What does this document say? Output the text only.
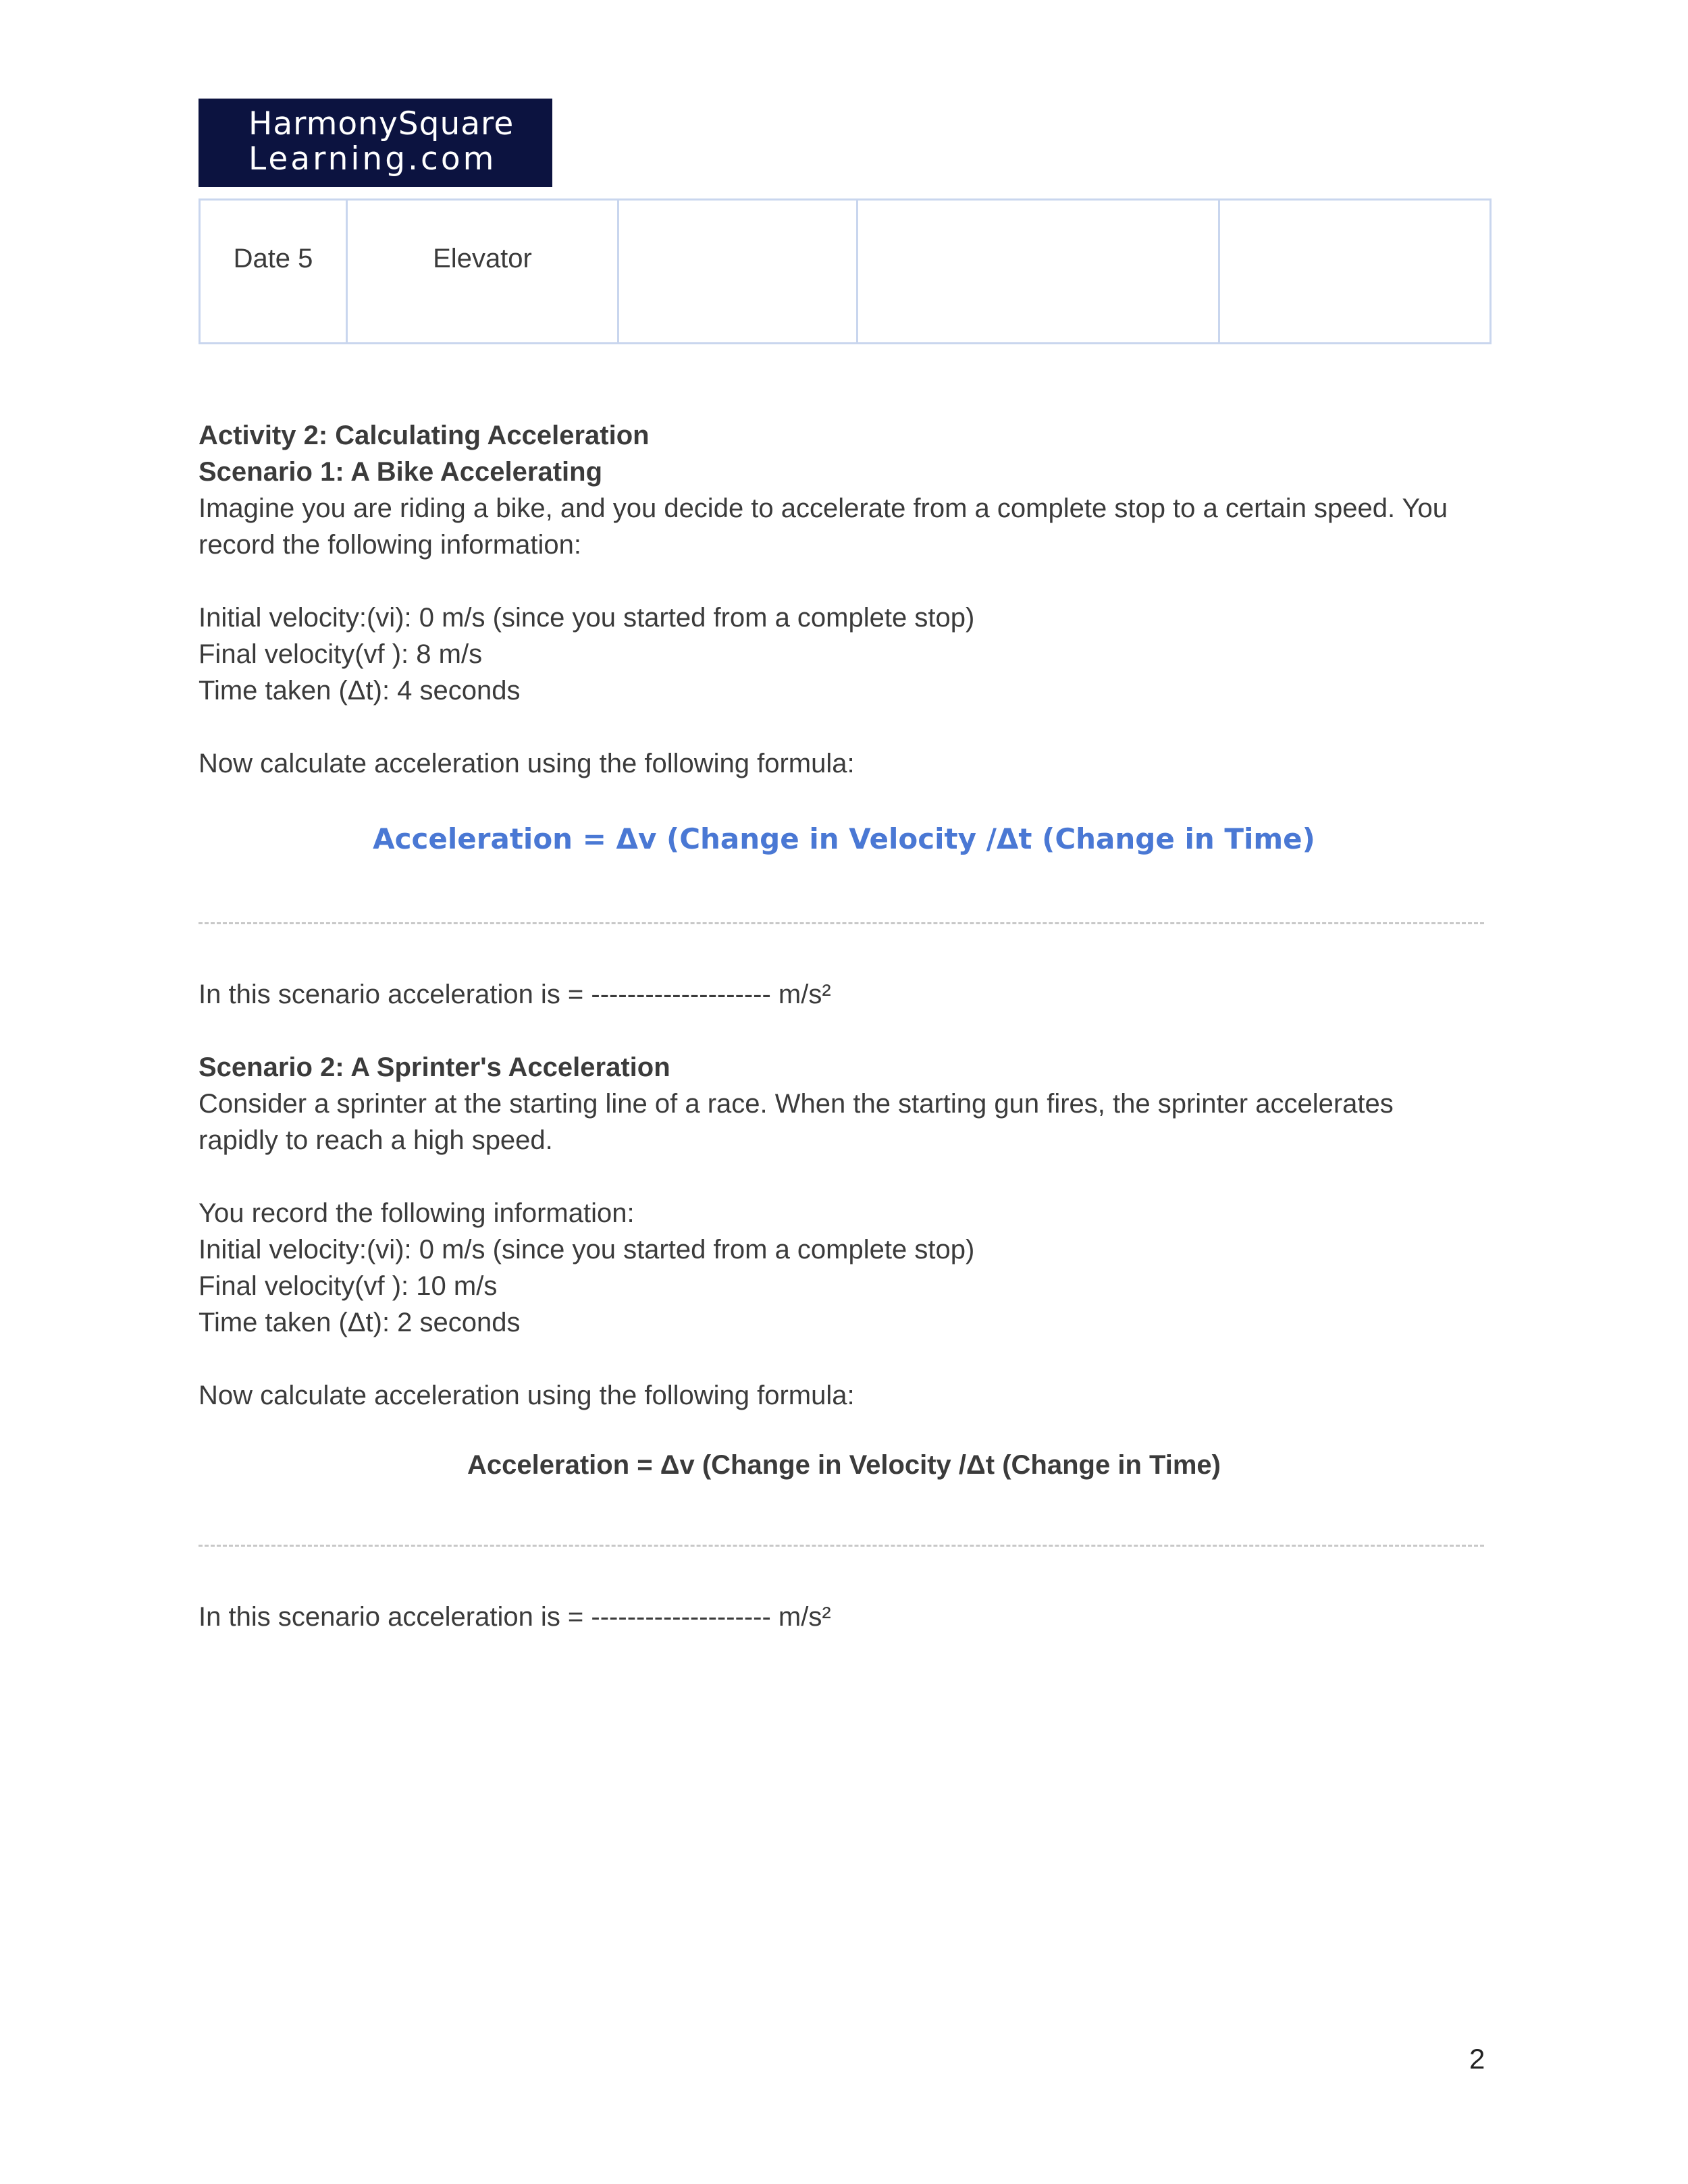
HarmonySquare
Learning.com
Date 5	Elevator			
Activity 2: Calculating Acceleration
Scenario 1: A Bike Accelerating
Imagine you are riding a bike, and you decide to accelerate from a complete stop to a certain speed. You
record the following information:
Initial velocity:(vi): 0 m/s (since you started from a complete stop)
Final velocity(vf ): 8 m/s
Time taken (Δt): 4 seconds
Now calculate acceleration using the following formula:
Acceleration = Δv (Change in Velocity /Δt (Change in Time)
In this scenario acceleration is = -------------------- m/s²
Scenario 2: A Sprinter's Acceleration
Consider a sprinter at the starting line of a race. When the starting gun fires, the sprinter accelerates
rapidly to reach a high speed.
You record the following information:
Initial velocity:(vi): 0 m/s (since you started from a complete stop)
Final velocity(vf ): 10 m/s
Time taken (Δt): 2 seconds
Now calculate acceleration using the following formula:
Acceleration = Δv (Change in Velocity /Δt (Change in Time)
In this scenario acceleration is = -------------------- m/s²
2
